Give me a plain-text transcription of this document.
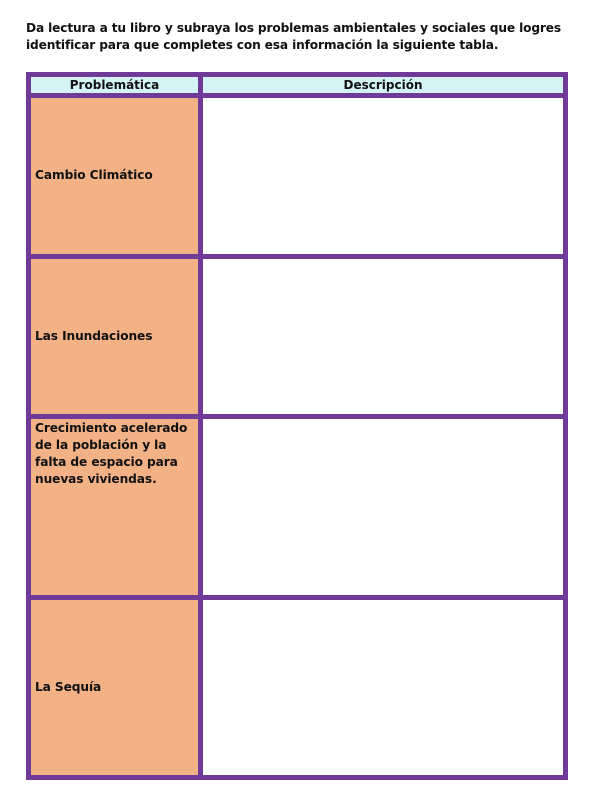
Da lectura a tu libro y subraya los problemas ambientales y sociales que logres identificar para que completes con esa información la siguiente tabla.
Problemática	Descripción
Cambio Climático	
Las Inundaciones	
Crecimiento acelerado de la población y la falta de espacio para nuevas viviendas.	
La Sequía	
